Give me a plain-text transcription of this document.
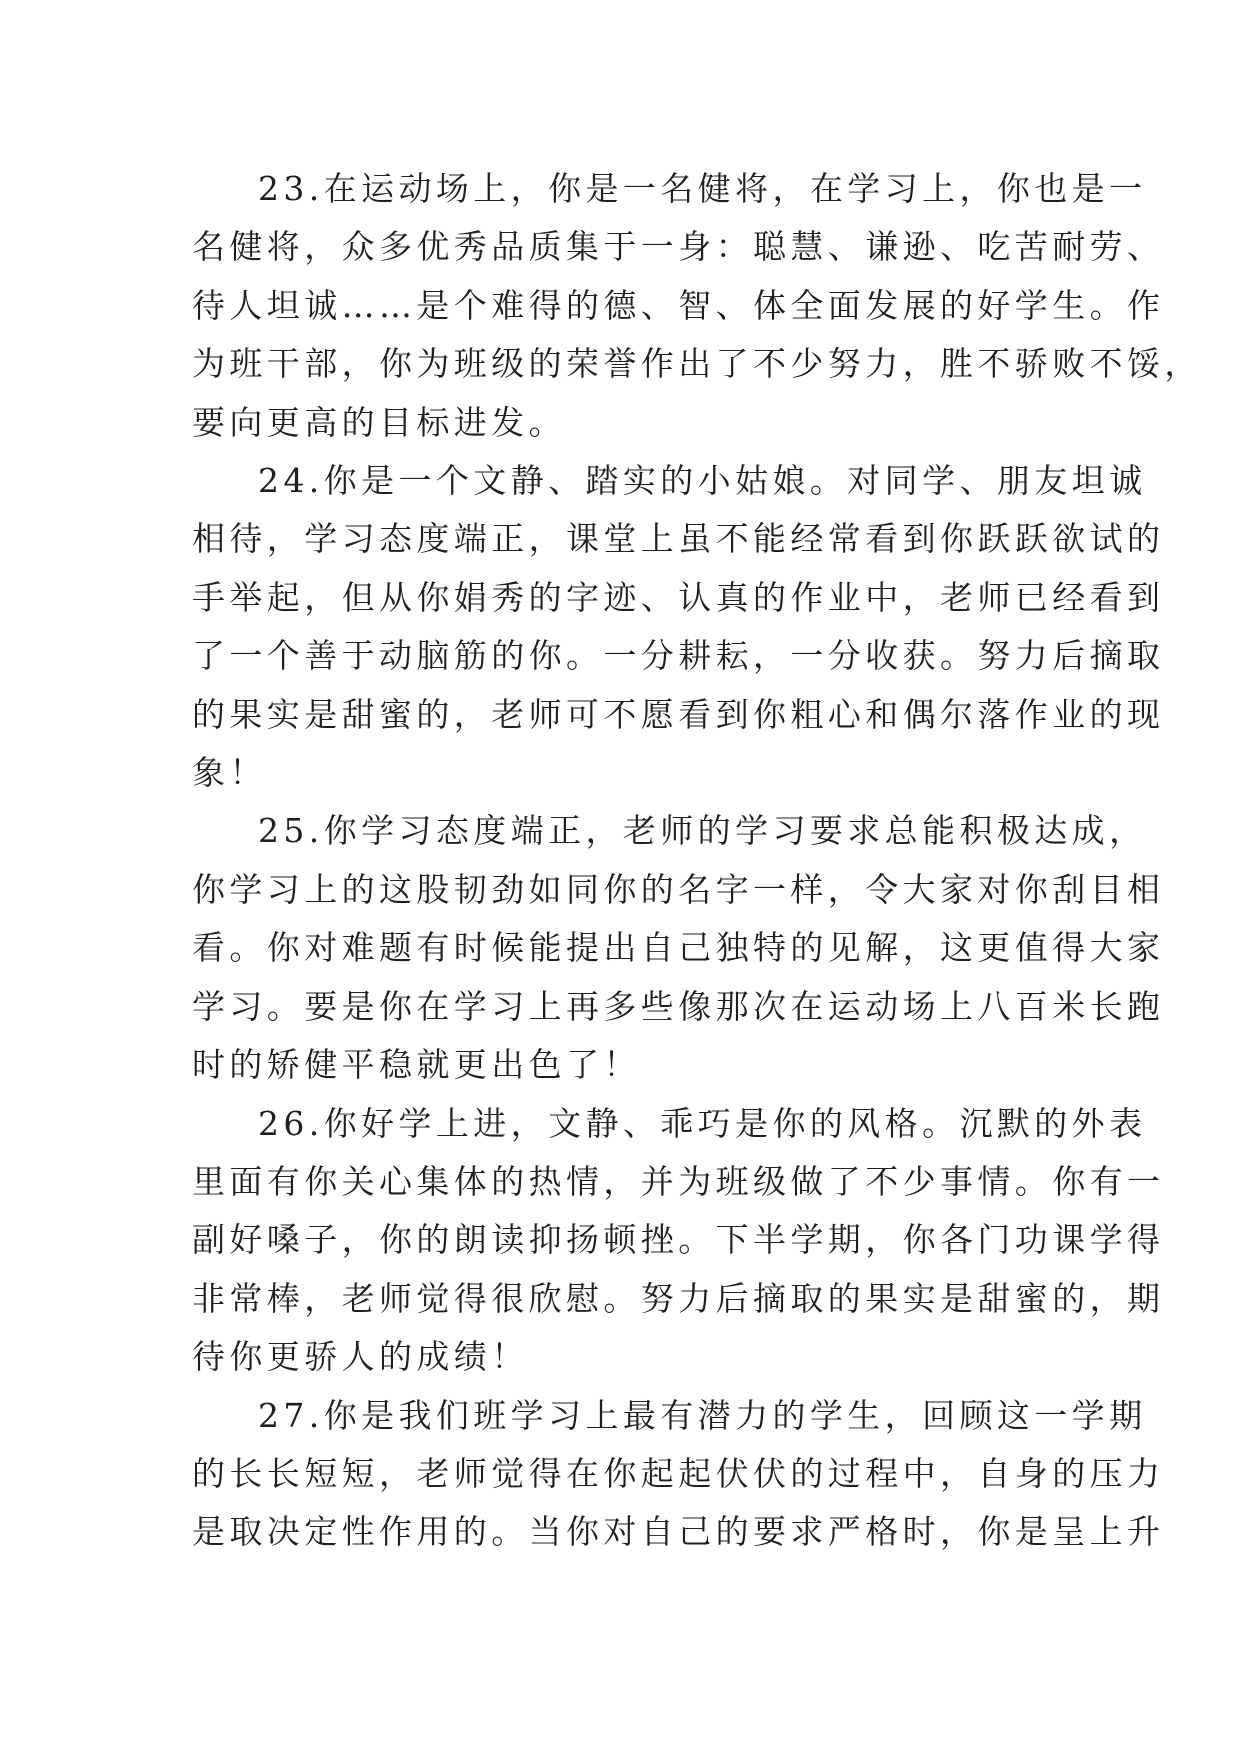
23.在运动场上，你是一名健将，在学习上，你也是一
名健将，众多优秀品质集于一身：聪慧、谦逊、吃苦耐劳、
待人坦诚……是个难得的德、智、体全面发展的好学生。作
为班干部，你为班级的荣誉作出了不少努力，胜不骄败不馁，
要向更高的目标进发。

24.你是一个文静、踏实的小姑娘。对同学、朋友坦诚
相待，学习态度端正，课堂上虽不能经常看到你跃跃欲试的
手举起，但从你娟秀的字迹、认真的作业中，老师已经看到
了一个善于动脑筋的你。一分耕耘，一分收获。努力后摘取
的果实是甜蜜的，老师可不愿看到你粗心和偶尔落作业的现
象！

25.你学习态度端正，老师的学习要求总能积极达成，
你学习上的这股韧劲如同你的名字一样，令大家对你刮目相
看。你对难题有时候能提出自己独特的见解，这更值得大家
学习。要是你在学习上再多些像那次在运动场上八百米长跑
时的矫健平稳就更出色了！

26.你好学上进，文静、乖巧是你的风格。沉默的外表
里面有你关心集体的热情，并为班级做了不少事情。你有一
副好嗓子，你的朗读抑扬顿挫。下半学期，你各门功课学得
非常棒，老师觉得很欣慰。努力后摘取的果实是甜蜜的，期
待你更骄人的成绩！

27.你是我们班学习上最有潜力的学生，回顾这一学期
的长长短短，老师觉得在你起起伏伏的过程中，自身的压力
是取决定性作用的。当你对自己的要求严格时，你是呈上升
